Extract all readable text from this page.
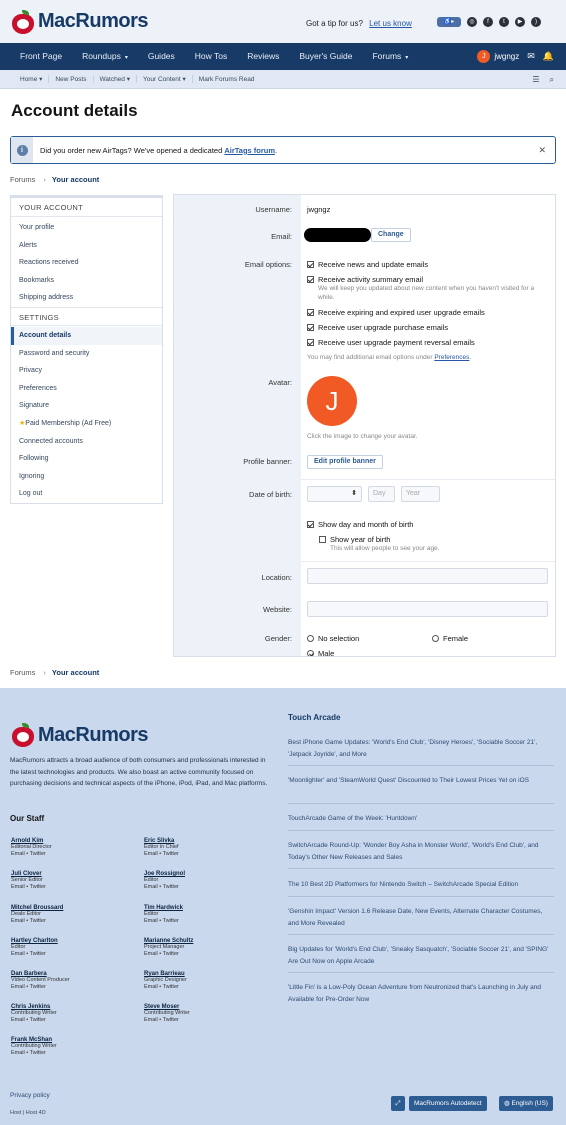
MacRumors	Got a tip for us? Let us know	♿▸	◎	f	t	▶	)
Front Page	Roundups ▾	Guides	How Tos	Reviews	Buyer's Guide	Forums ▾	J	jwgngz ✉ 🔔
Home ▾	New Posts	Watched ▾	Your Content ▾	Mark Forums Read	☰ ⌕
Account details
i	Did you order new AirTags? We've opened a dedicated AirTags forum.	✕
Forums › Your account
YOUR ACCOUNT
Your profile
Alerts
Reactions received
Bookmarks
Shipping address
SETTINGS
Account details
Password and security
Privacy
Preferences
Signature
★Paid Membership (Ad Free)
Connected accounts
Following
Ignoring
Log out
Username: jwgngz
Email:	Change
Email options:	Receive news and update emails
Receive activity summary email
We will keep you updated about new content when you haven't visited for a while.
Receive expiring and expired user upgrade emails
Receive user upgrade purchase emails
Receive user upgrade payment reversal emails
You may find additional email options under Preferences.
Avatar:
J
Click the image to change your avatar.
Profile banner:	Edit profile banner
Date of birth:	⬍	Day	Year
Show day and month of birth
Show year of birth
This will allow people to see your age.
Location:
Website:
Gender:	No selection	Female
Male
Forums › Your account
MacRumors
MacRumors attracts a broad audience of both consumers and professionals interested in the latest technologies and products. We also boast an active community focused on purchasing decisions and technical aspects of the iPhone, iPod, iPad, and Mac platforms.
Our Staff
Arnold Kim
Editorial Director
Email • Twitter
Eric Slivka
Editor in Chief
Email • Twitter
Juli Clover
Senior Editor
Email • Twitter
Joe Rossignol
Editor
Email • Twitter
Mitchel Broussard
Deals Editor
Email • Twitter
Tim Hardwick
Editor
Email • Twitter
Hartley Charlton
Editor
Email • Twitter
Marianne Schultz
Project Manager
Email • Twitter
Dan Barbera
Video Content Producer
Email • Twitter
Ryan Barrieau
Graphic Designer
Email • Twitter
Chris Jenkins
Contributing Writer
Email • Twitter
Steve Moser
Contributing Writer
Email • Twitter
Frank McShan
Contributing Writer
Email • Twitter
Touch Arcade
Best iPhone Game Updates: 'World's End Club', 'Disney Heroes', 'Sociable Soccer 21', 'Jetpack Joyride', and More
'Moonlighter' and 'SteamWorld Quest' Discounted to Their Lowest Prices Yet on iOS
TouchArcade Game of the Week: 'Huntdown'
SwitchArcade Round-Up: 'Wonder Boy Asha in Monster World', 'World's End Club', and Today's Other New Releases and Sales
The 10 Best 2D Platformers for Nintendo Switch – SwitchArcade Special Edition
'Genshin Impact' Version 1.6 Release Date, New Events, Alternate Character Costumes, and More Revealed
Big Updates for 'World's End Club', 'Sneaky Sasquatch', 'Sociable Soccer 21', and 'SPING' Are Out Now on Apple Arcade
'Little Fin' is a Low-Poly Ocean Adventure from Neutronized that's Launching in July and Available for Pre-Order Now
Privacy policy
Host | Host 4D
⤢	MacRumors Autodetect	◍ English (US)
